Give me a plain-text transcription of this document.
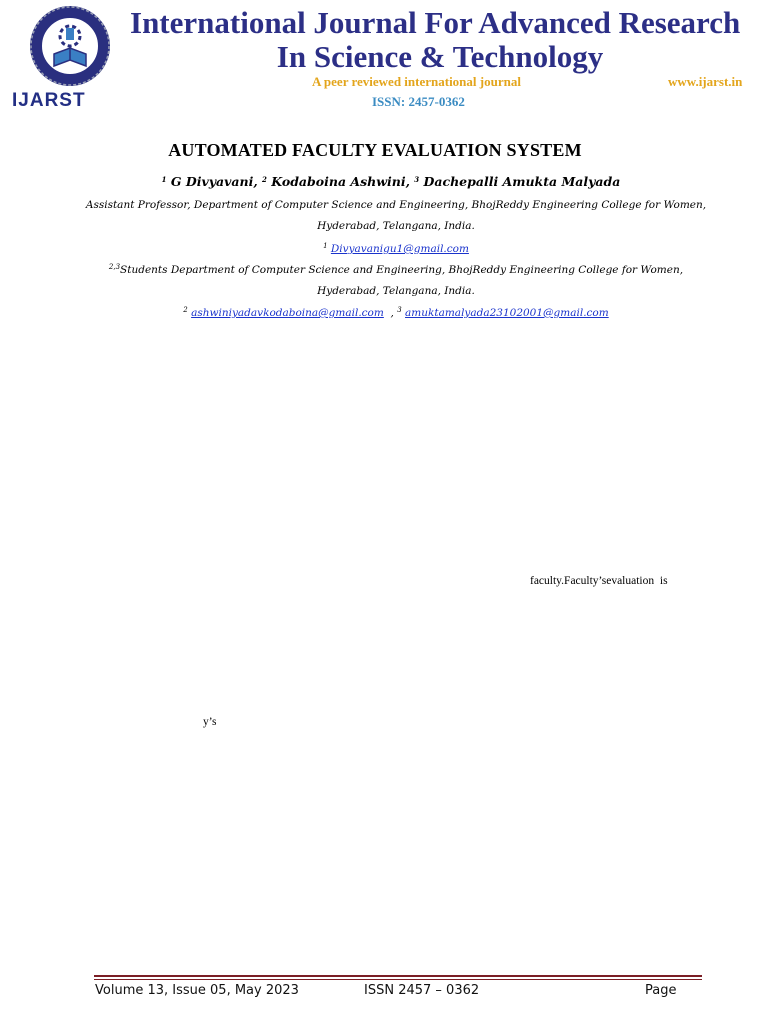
IJARST

International Journal For Advanced Research

In Science & Technology

A peer reviewed international journal	www.ijarst.in

ISSN: 2457-0362

AUTOMATED FACULTY EVALUATION SYSTEM

$^1$ G Divyavani, $^2$ Kodaboina Ashwini, $^3$ Dachepalli Amukta Malyada

Assistant Professor, Department of Computer Science and Engineering, BhojReddy Engineering College for Women,

Hyderabad, Telangana, India.

$^1$ Divyavanigu1@gmail.com

$^{2,3}$Students Department of Computer Science and Engineering, BhojReddy Engineering College for Women,

Hyderabad, Telangana, India.

$^2$ ashwiniyadavkodaboina@gmail.com , $^3$ amuktamalyada23102001@gmail.com

faculty.Faculty’sevaluation  is

y’s

Volume 13, Issue 05, May 2023	ISSN 2457 – 0362	Page
